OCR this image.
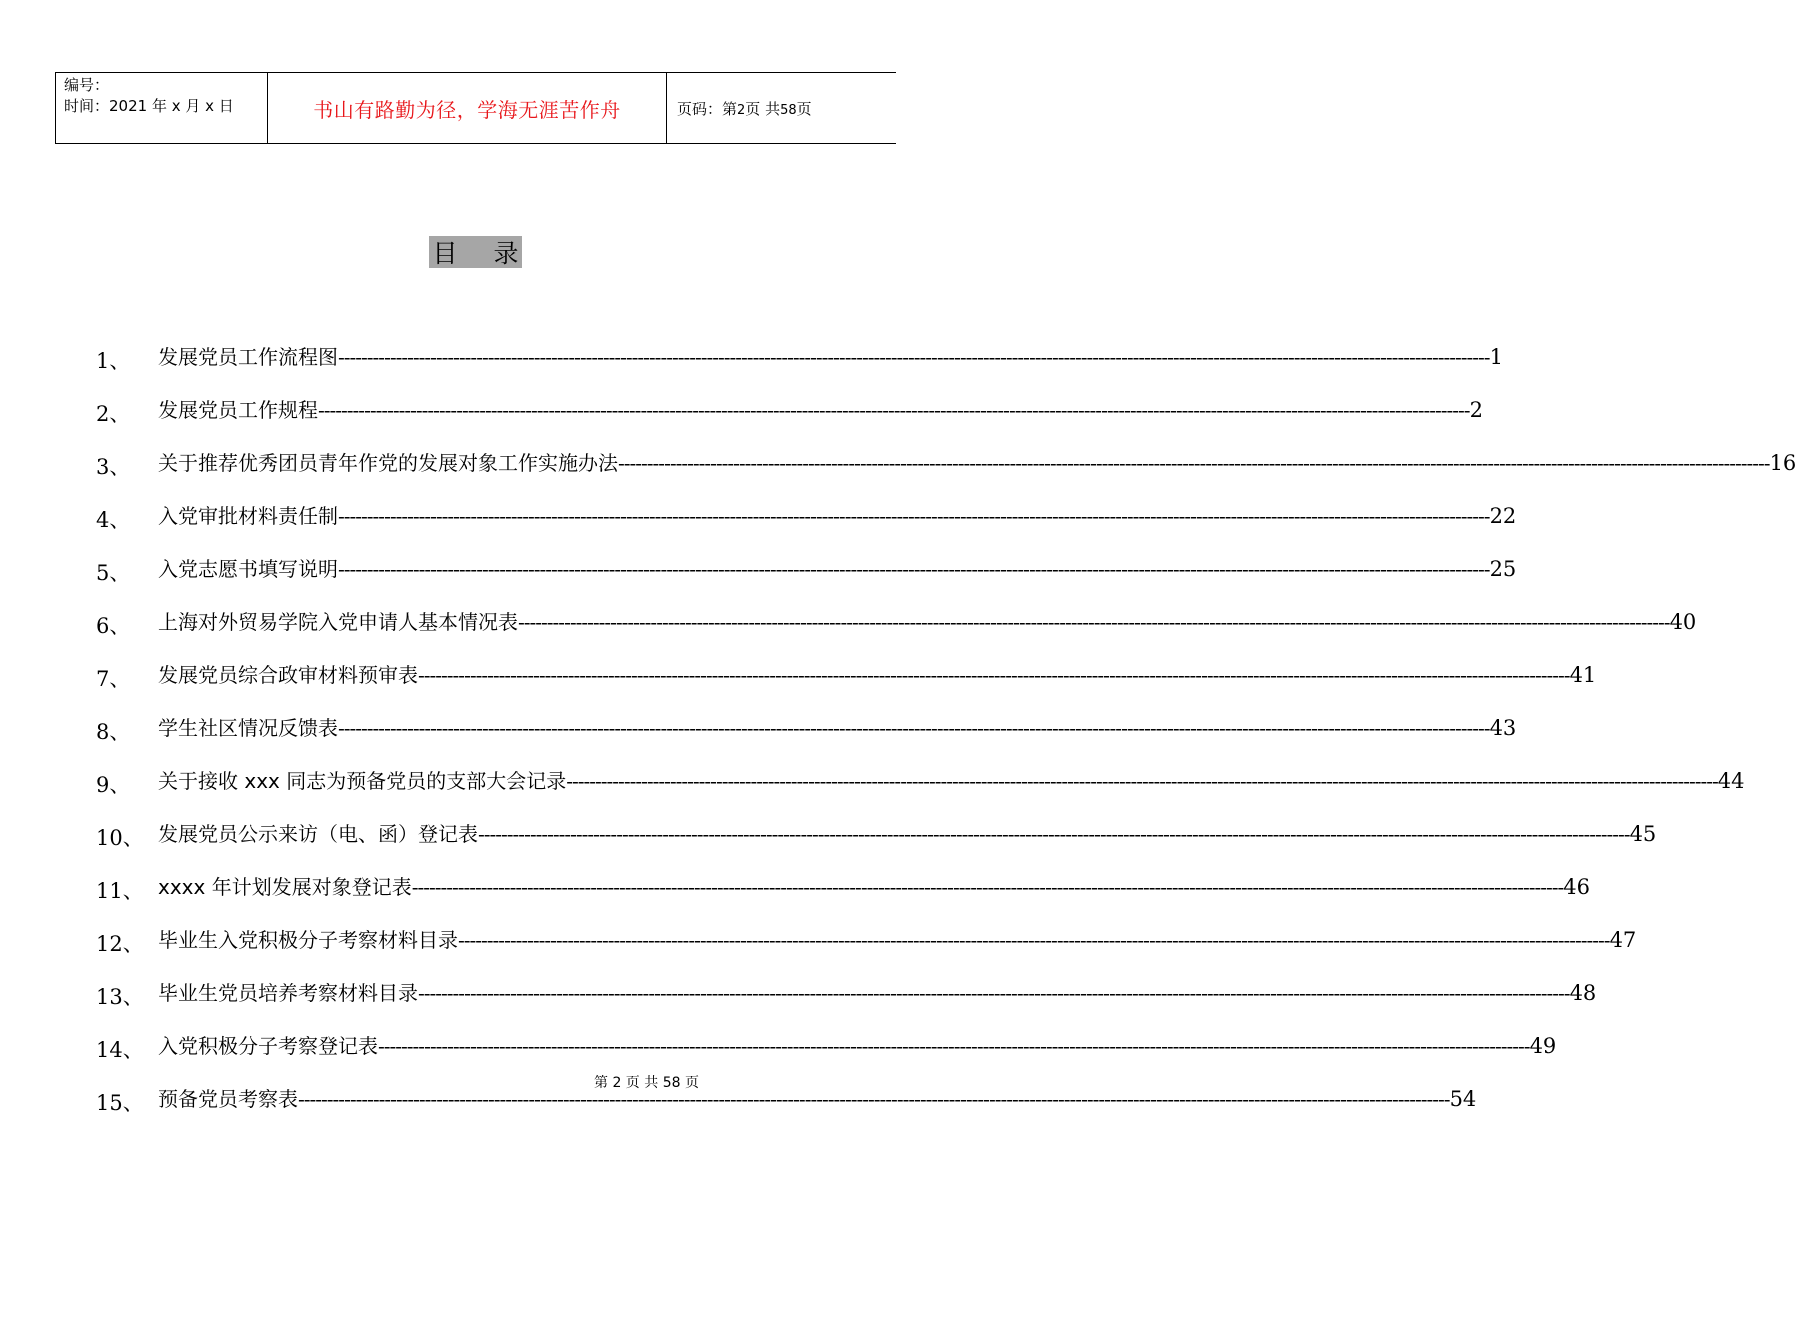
编号：
时间：2021 年 x 月 x 日	书山有路勤为径，学海无涯苦作舟	页码：第2页 共58页
目录
1、 发展党员工作流程图 -------------------------------------------------------------------------------------------------------------------------------------------------------------------------------------------------------- 1
2、 发展党员工作规程 -------------------------------------------------------------------------------------------------------------------------------------------------------------------------------------------------------- 2
3、 关于推荐优秀团员青年作党的发展对象工作实施办法 -------------------------------------------------------------------------------------------------------------------------------------------------------------------------------------------------------- 16
4、 入党审批材料责任制 -------------------------------------------------------------------------------------------------------------------------------------------------------------------------------------------------------- 22
5、 入党志愿书填写说明 -------------------------------------------------------------------------------------------------------------------------------------------------------------------------------------------------------- 25
6、 上海对外贸易学院入党申请人基本情况表 -------------------------------------------------------------------------------------------------------------------------------------------------------------------------------------------------------- 40
7、 发展党员综合政审材料预审表 -------------------------------------------------------------------------------------------------------------------------------------------------------------------------------------------------------- 41
8、 学生社区情况反馈表 -------------------------------------------------------------------------------------------------------------------------------------------------------------------------------------------------------- 43
9、 关于接收 xxx 同志为预备党员的支部大会记录 -------------------------------------------------------------------------------------------------------------------------------------------------------------------------------------------------------- 44
10、 发展党员公示来访（电、函）登记表 -------------------------------------------------------------------------------------------------------------------------------------------------------------------------------------------------------- 45
11、 xxxx 年计划发展对象登记表 -------------------------------------------------------------------------------------------------------------------------------------------------------------------------------------------------------- 46
12、 毕业生入党积极分子考察材料目录 -------------------------------------------------------------------------------------------------------------------------------------------------------------------------------------------------------- 47
13、 毕业生党员培养考察材料目录 -------------------------------------------------------------------------------------------------------------------------------------------------------------------------------------------------------- 48
14、 入党积极分子考察登记表 -------------------------------------------------------------------------------------------------------------------------------------------------------------------------------------------------------- 49
15、 预备党员考察表 -------------------------------------------------------------------------------------------------------------------------------------------------------------------------------------------------------- 54
第 2 页 共 58 页
